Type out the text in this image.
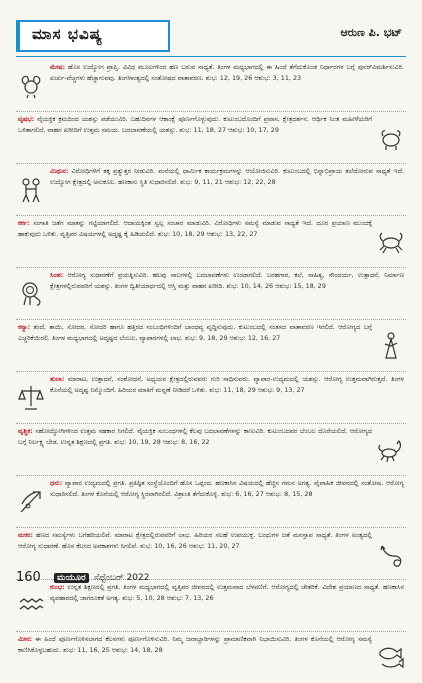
ಮಾಸ ಭವಿಷ್ಯ	ಆರುಣ ಪಿ. ಭಟ್
ಮೇಷ: ಹೊಸ ಉದ್ಯೋಗ ಪ್ರಾಪ್ತಿ. ವಿವಿಧ ಮೂಲಗಳಿಂದ ಹಣ ಬರುವ ಸಾಧ್ಯತೆ. ತಿಂಗಳ ಮಧ್ಯಭಾಗದಲ್ಲಿ ಈ ಹಿಂದೆ ತೆಗೆದುಕೊಂಡ ನಿರ್ಧಾರಗಳ ಬಗ್ಗೆ ಪುನರ್‌ವಿಮರ್ಶಿಸುವಿರಿ. ಖರ್ಚು-ವೆಚ್ಚಗಳು ಹೆಚ್ಚಾಗುವವು. ತಿಂಗಳಾಂತ್ಯದಲ್ಲಿ ಸಂತೋಷದ ವಾತಾವರಣ. ಶುಭ: 12, 19, 26 ಆಶುಭ: 3, 11, 23
ವೃಷಭ: ವೈಯಕ್ತಿಕ ಕ್ರಮದಿಂದ ಯಶಸ್ಸು ಪಡೆಯುವಿರಿ. ಬಹುದಿನಗಳ ಆಕಾಂಕ್ಷೆ ಪೂರ್ಣಗೊಳ್ಳುವುದು. ಕುಟುಂಬದೊಂದಿಗೆ ಪ್ರವಾಸ, ಕ್ಷೇತ್ರದರ್ಶನ. ಆರ್ಥಿಕ ನಿಂತ ಮಹೀಳೆಯರಿಗೆ ಒಳಿತಾಗಲಿದೆ. ವಾಹನ ಖರೀದಿಗೆ ಉತ್ತಮ ಸಮಯ. ಬದಲಾವಣೆಯಲ್ಲಿ ಯಶಸ್ಸು. ಶುಭ: 11, 18, 27 ಆಶುಭ: 10, 17, 29
ಮಿಥುನ: ವಿರೋಧಿಗಳಿಗೆ ತಕ್ಕ ಪ್ರತ್ಯುತ್ತರ ನೀಡುವಿರಿ. ಮನೆಯಲ್ಲಿ ಧಾರ್ಮಿಕ ಕಾರ್ಯಕ್ರಮಗಳನ್ನು ಆಯೋಜಿಸುವಿರಿ. ಕುಟುಂಬದಲ್ಲಿ ಭಿನ್ನಾಭಿಪ್ರಾಯ ತಲೆದೋರುವ ಸಾಧ್ಯತೆ ಇದೆ. ಉದ್ಯೋಗ ಕ್ಷೇತ್ರದಲ್ಲಿ ಅನುಕೂಲ. ಹಣಕಾಸು ಸ್ಥಿತಿ ಸುಧಾರಿಸಲಿದೆ. ಶುಭ: 9, 11, 21 ಆಶುಭ: 12, 22, 28
ಕರ್ಕ: ಸಂಗಾತಿ ಜತೆಗ ಮಾತನ್ನು ಗಟ್ಟಿಯಾಗಲಿದೆ. ಆದಾಯಕ್ಕಿಂತ ಸ್ವಲ್ಪ ಸಂಚಾರ ಮಾಡುವಿರಿ. ವಿರೋಧಿಗಳು ಸಮಸ್ಯೆ ಮಾಡುವ ಸಾಧ್ಯತೆ ಇದೆ. ದೂರ ಪ್ರಯಾಣ ಮುಂದಕ್ಕೆ ಹಾಕುವುದು ಒಳಿತು. ವೃತ್ತಿಪರ ವಿಷಯಗಳಲ್ಲಿ ಅದೃಷ್ಟ ಕೈ ಹಿಡಿಯಲಿದೆ. ಶುಭ: 10, 18, 29 ಆಶುಭ: 13, 22, 27
ಸಿಂಹ: ಆರೋಗ್ಯ ಸುಧಾರಣೆಗೆ ಪ್ರಯತ್ನಿಸುವಿರಿ. ಹಲವು ಸಾಲಗಳಲ್ಲಿ ಬದಲಾವಣೆಗಳು ಉಂಟಾಗಲಿದೆ. ಬರಹಗಾರ, ಕಲೆ, ಸಾಹಿತ್ಯ, ಸೌಂದರ್ಯ, ಉತ್ಪಾದನೆ, ನಿರ್ಮಾಣ ಕ್ಷೇತ್ರಗಳಲ್ಲಿರುವವರಿಗೆ ಯಶಸ್ಸು. ತಿಂಗಳ ದ್ವಿತೀಯಾರ್ಧದಲ್ಲಿ ಆಸ್ತಿ ಮತ್ತು ವಾಹನ ಖರೀದಿ. ಶುಭ: 10, 14, 26 ಆಶುಭ: 15, 18, 29
ಕನ್ಯಾ: ತಂದೆ, ತಾಯಿ, ಸೋದರ, ಸೋದರಿ ಹಾಗೂ ಹತ್ತಿರದ ಸಂಬಂಧಿಗಳಿಂದಿಗೆ ಬಾಂಧವ್ಯ ವೃದ್ಧಿಸುವುದು. ಕುಟುಂಬದಲ್ಲಿ ಸಂತಸದ ವಾತಾವರಣ ಇರಲಿದೆ. ಆರೋಗ್ಯದ ಬಗ್ಗೆ ಎಚ್ಚರಿಕೆಯಿರಲಿ. ತಿಂಗಳ ಮಧ್ಯಭಾಗದಲ್ಲಿ ಅದೃಷ್ಟದ ಬೆಂಬಲ, ವ್ಯಾಪಾರಗಳಲ್ಲಿ ಲಾಭ. ಶುಭ: 9, 18, 29 ಆಶುಭ: 12, 16, 27
ತುಲಾ: ಮಾರಾಟ, ಉತ್ಪಾದನೆ, ಸಂಶೋಧನೆ, ಅಧ್ಯಯನ ಕ್ಷೇತ್ರದಲ್ಲಿರುವವರು ಗುರಿ ಸಾಧಿಸುವರು. ವ್ಯಾಪಾರ-ಉದ್ಯಮದಲ್ಲಿ ಯಶಸ್ಸು. ಆರೋಗ್ಯ ಉತ್ತಮವಾಗಿರುತ್ತದೆ. ತಿಂಗಳ ಕೊನೆಯಲ್ಲಿ ಅದೃಷ್ಟ ನಿಮ್ಮೊಂದಿಗೆ. ಹಿರಿಯರ ಮಾತಿಗೆ ಮನ್ನಣೆ ನೀಡಿದರೆ ಒಳಿತು. ಶುಭ: 11, 18, 29 ಆಶುಭ: 9, 13, 27
ವೃಶ್ಚಿಕ: ಸಹೋದ್ಯೋಗಿಗಳಿಂದ ಉತ್ತಮ ಸಹಕಾರ ಸಿಗಲಿದೆ. ವೈಯಕ್ತಿಕ ಸಂಬಂಧಗಳಲ್ಲಿ ಕೆಲವು ಬದಲಾವಣೆಗಳನ್ನು ಕಾಣುವಿರಿ. ಕುಟುಂಬದವರ ಬೆಂಬಲ ದೊರೆಯಲಿದೆ. ಆರೋಗ್ಯದ ಬಗ್ಗೆ ನಿರ್ಲಕ್ಷ್ಯ ಬೇಡ. ಉನ್ನತ ಶಿಕ್ಷಣದಲ್ಲಿ ಪ್ರಗತಿ. ಶುಭ: 10, 19, 28 ಆಶುಭ: 8, 16, 22
ಧನು: ವ್ಯಾಪಾರ ಉದ್ಯಮದಲ್ಲಿ ಪ್ರಗತಿ. ಪ್ರತಿಷ್ಠಿತ ಸಂಸ್ಥೆಯೊಂದಿಗೆ ಹೊಸ ಒಪ್ಪಂದ. ಹಣಕಾಸಿನ ವಿಷಯದಲ್ಲಿ ಹೆಚ್ಚಿನ ಗಮನ ಅಗತ್ಯ. ವೈವಾಹಿಕ ಜೀವನದಲ್ಲಿ ಸಂತೋಷ. ಆರೋಗ್ಯ ಸುಧಾರಿಸಲಿದೆ. ತಿಂಗಳ ಕೊನೆಯಲ್ಲಿ ಆರೋಗ್ಯ ಸ್ಥಿರವಾಗಿರಲಿದೆ. ವಿಶ್ರಾಂತಿ ತೆಗೆದುಕೊಳ್ಳಿ. ಶುಭ: 6, 16, 27 ಆಶುಭ: 8, 15, 28
ಮಕರ: ಹಣದ ಸಮಸ್ಯೆಗಳು ಬಗೆಹರಿಯಲಿವೆ. ಮಾರಾಟ ಕ್ಷೇತ್ರದಲ್ಲಿರುವವರಿಗೆ ಲಾಭ. ಹಿರಿಯರ ಸಲಹೆ ಉಪಯುಕ್ತ. ಬಂಧುಗಳ ಜತೆ ಮನಸ್ತಾಪ ಸಾಧ್ಯತೆ. ತಿಂಗಳ ಅಂತ್ಯದಲ್ಲಿ ಆರೋಗ್ಯ ಸುಧಾರಣೆ. ಹೊಸ ಕೆಲಸದ ಅವಕಾಶಗಳು ಸಿಗಲಿವೆ. ಶುಭ: 10, 16, 26 ಆಶುಭ: 11, 20, 27
ಕುಂಭ: ಉನ್ನತ ಶಿಕ್ಷಣದಲ್ಲಿ ಪ್ರಗತಿ. ತಿಂಗಳ ಮಧ್ಯಭಾಗದಲ್ಲಿ ವೃತ್ತಿಪರ ಜೀವನದಲ್ಲಿ ಉತ್ತಮವಾದ ಬೆಳವಣಿಗೆ. ಆರೋಗ್ಯದಲ್ಲಿ ಚೇತರಿಕೆ. ವಿದೇಶ ಪ್ರಯಾಣದ ಸಾಧ್ಯತೆ. ಹಣಕಾಸಿನ ವ್ಯವಹಾರದಲ್ಲಿ ಜಾಗರೂಕತೆ ಅಗತ್ಯ. ಶುಭ: 5, 10, 28 ಆಶುಭ: 7, 13, 26
ಮೀನ: ಈ ಹಿಂದೆ ಪೂರ್ಣಗೊಳಿಸಲಾಗದ ಕೆಲಸಗಳು ಪೂರ್ಣಗೊಳಿಸುವಿರಿ. ನಿಮ್ಮ ಜವಾಬ್ದಾರಿಗಳನ್ನು ಪ್ರಾಮಾಣಿಕವಾಗಿ ನಿಭಾಯಿಸುವಿರಿ. ತಿಂಗಳ ಕೊನೆಯಲ್ಲಿ ಆರೋಗ್ಯ ಸಮಸ್ಯೆ ಕಾಣಿಸಿಕೊಳ್ಳಬಹುದು. ಶುಭ: 11, 16, 25 ಆಶುಭ: 14, 18, 28
160	ಮಯೂರ ಸೆಪ್ಟೆಂಬರ್ 2022
